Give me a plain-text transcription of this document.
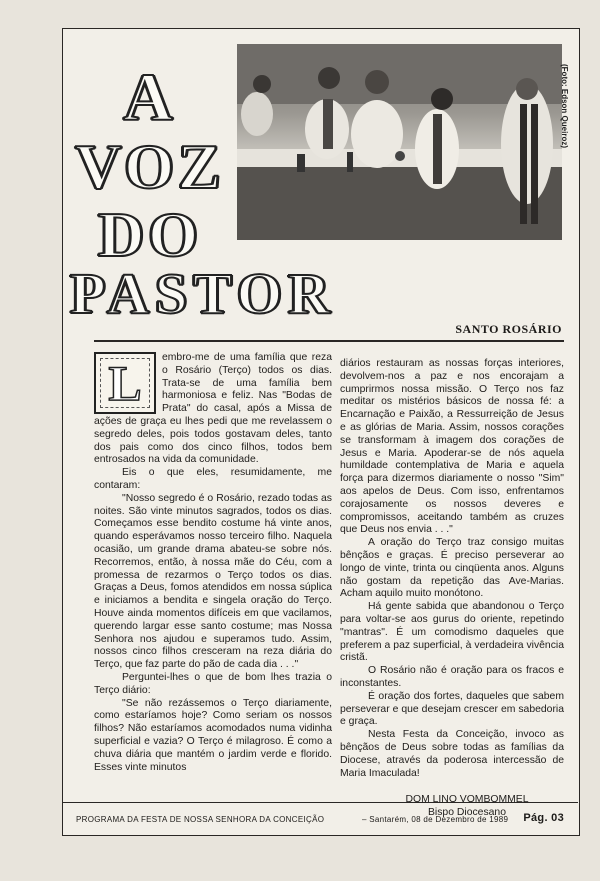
A
VOZ
DO
PASTOR
(Foto: Edson Queiroz)
SANTO ROSÁRIO

L	embro-me de uma família que reza o Rosário (Terço) todos os dias. Trata-se de uma família bem harmoniosa e feliz. Nas "Bodas de Prata" do casal, após a Missa de ações de graça eu lhes pedi que me revelassem o segredo deles, pois todos gostavam deles, tanto dos pais como dos cinco filhos, todos bem entrosados na vida da comunidade.

Eis o que eles, resumidamente, me contaram:

"Nosso segredo é o Rosário, rezado todas as noites. São vinte minutos sagrados, todos os dias. Começamos esse bendito costume há vinte anos, quando esperávamos nosso terceiro filho. Naquela ocasião, um grande drama abateu-se sobre nós. Recorremos, então, à nossa mãe do Céu, com a promessa de rezarmos o Terço todos os dias. Graças a Deus, fomos atendidos em nossa súplica e iniciamos a bendita e singela oração do Terço. Houve ainda momentos difíceis em que vacilamos, querendo largar esse santo costume; mas Nossa Senhora nos ajudou e superamos tudo. Assim, nossos cinco filhos cresceram na reza diária do Terço, que faz parte do pão de cada dia . . ."

Perguntei-lhes o que de bom lhes trazia o Terço diário:

"Se não rezássemos o Terço diariamente, como estaríamos hoje? Como seriam os nossos filhos? Não estaríamos acomodados numa vidinha superficial e vazia? O Terço é milagroso. É como a chuva diária que mantém o jardim verde e florido. Esses vinte minutos

diários restauram as nossas forças interiores, devolvem-nos a paz e nos encorajam a cumprirmos nossa missão. O Terço nos faz meditar os mistérios básicos de nossa fé: a Encarnação e Paixão, a Ressurreição de Jesus e as glórias de Maria. Assim, nossos corações se transformam à imagem dos corações de Jesus e Maria. Apoderar-se de nós aquela humildade contemplativa de Maria e aquela força para dizermos diariamente o nosso "Sim" aos apelos de Deus. Com isso, enfrentamos corajosamente os nossos deveres e compromissos, aceitando também as cruzes que Deus nos envia . . ."

A oração do Terço traz consigo muitas bênçãos e graças. É preciso perseverar ao longo de vinte, trinta ou cinqüenta anos. Alguns não gostam da repetição das Ave-Marias. Acham aquilo muito monótono.

Há gente sabida que abandonou o Terço para voltar-se aos gurus do oriente, repetindo "mantras". É um comodismo daqueles que preferem a paz superficial, à verdadeira vivência cristã.

O Rosário não é oração para os fracos e inconstantes.

É oração dos fortes, daqueles que sabem perseverar e que desejam crescer em sabedoria e graça.

Nesta Festa da Conceição, invoco as bênçãos de Deus sobre todas as famílias da Diocese, através da poderosa intercessão de Maria Imaculada!

DOM LINO VOMBOMMEL
Bispo Diocesano
PROGRAMA DA FESTA DE NOSSA SENHORA DA CONCEIÇÃO	– Santarém, 08 de Dezembro de 1989 Pág. 03
